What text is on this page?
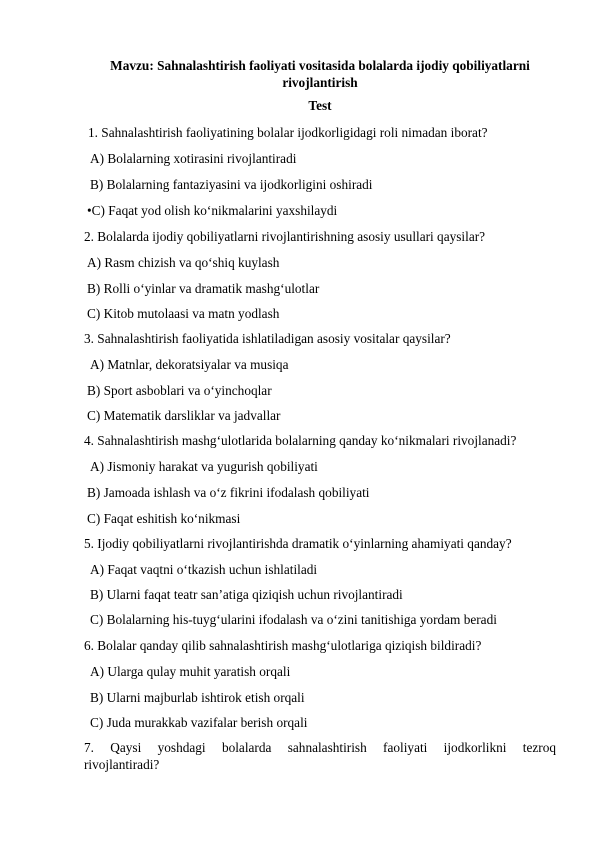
Mavzu: Sahnalashtirish faoliyati vositasida bolalarda ijodiy qobiliyatlarni
rivojlantirish
Test
1. Sahnalashtirish faoliyatining bolalar ijodkorligidagi roli nimadan iborat?
A) Bolalarning xotirasini rivojlantiradi
B) Bolalarning fantaziyasini va ijodkorligini oshiradi
•C) Faqat yod olish ko‘nikmalarini yaxshilaydi
2. Bolalarda ijodiy qobiliyatlarni rivojlantirishning asosiy usullari qaysilar?
A) Rasm chizish va qo‘shiq kuylash
B) Rolli o‘yinlar va dramatik mashg‘ulotlar
C) Kitob mutolaasi va matn yodlash
3. Sahnalashtirish faoliyatida ishlatiladigan asosiy vositalar qaysilar?
A) Matnlar, dekoratsiyalar va musiqa
B) Sport asboblari va o‘yinchoqlar
C) Matematik darsliklar va jadvallar
4. Sahnalashtirish mashg‘ulotlarida bolalarning qanday ko‘nikmalari rivojlanadi?
A) Jismoniy harakat va yugurish qobiliyati
B) Jamoada ishlash va o‘z fikrini ifodalash qobiliyati
C) Faqat eshitish ko‘nikmasi
5. Ijodiy qobiliyatlarni rivojlantirishda dramatik o‘yinlarning ahamiyati qanday?
A) Faqat vaqtni o‘tkazish uchun ishlatiladi
B) Ularni faqat teatr san’atiga qiziqish uchun rivojlantiradi
C) Bolalarning his-tuyg‘ularini ifodalash va o‘zini tanitishiga yordam beradi
6. Bolalar qanday qilib sahnalashtirish mashg‘ulotlariga qiziqish bildiradi?
A) Ularga qulay muhit yaratish orqali
B) Ularni majburlab ishtirok etish orqali
C) Juda murakkab vazifalar berish orqali
7. Qaysi yoshdagi bolalarda sahnalashtirish faoliyati ijodkorlikni tezroq
rivojlantiradi?
